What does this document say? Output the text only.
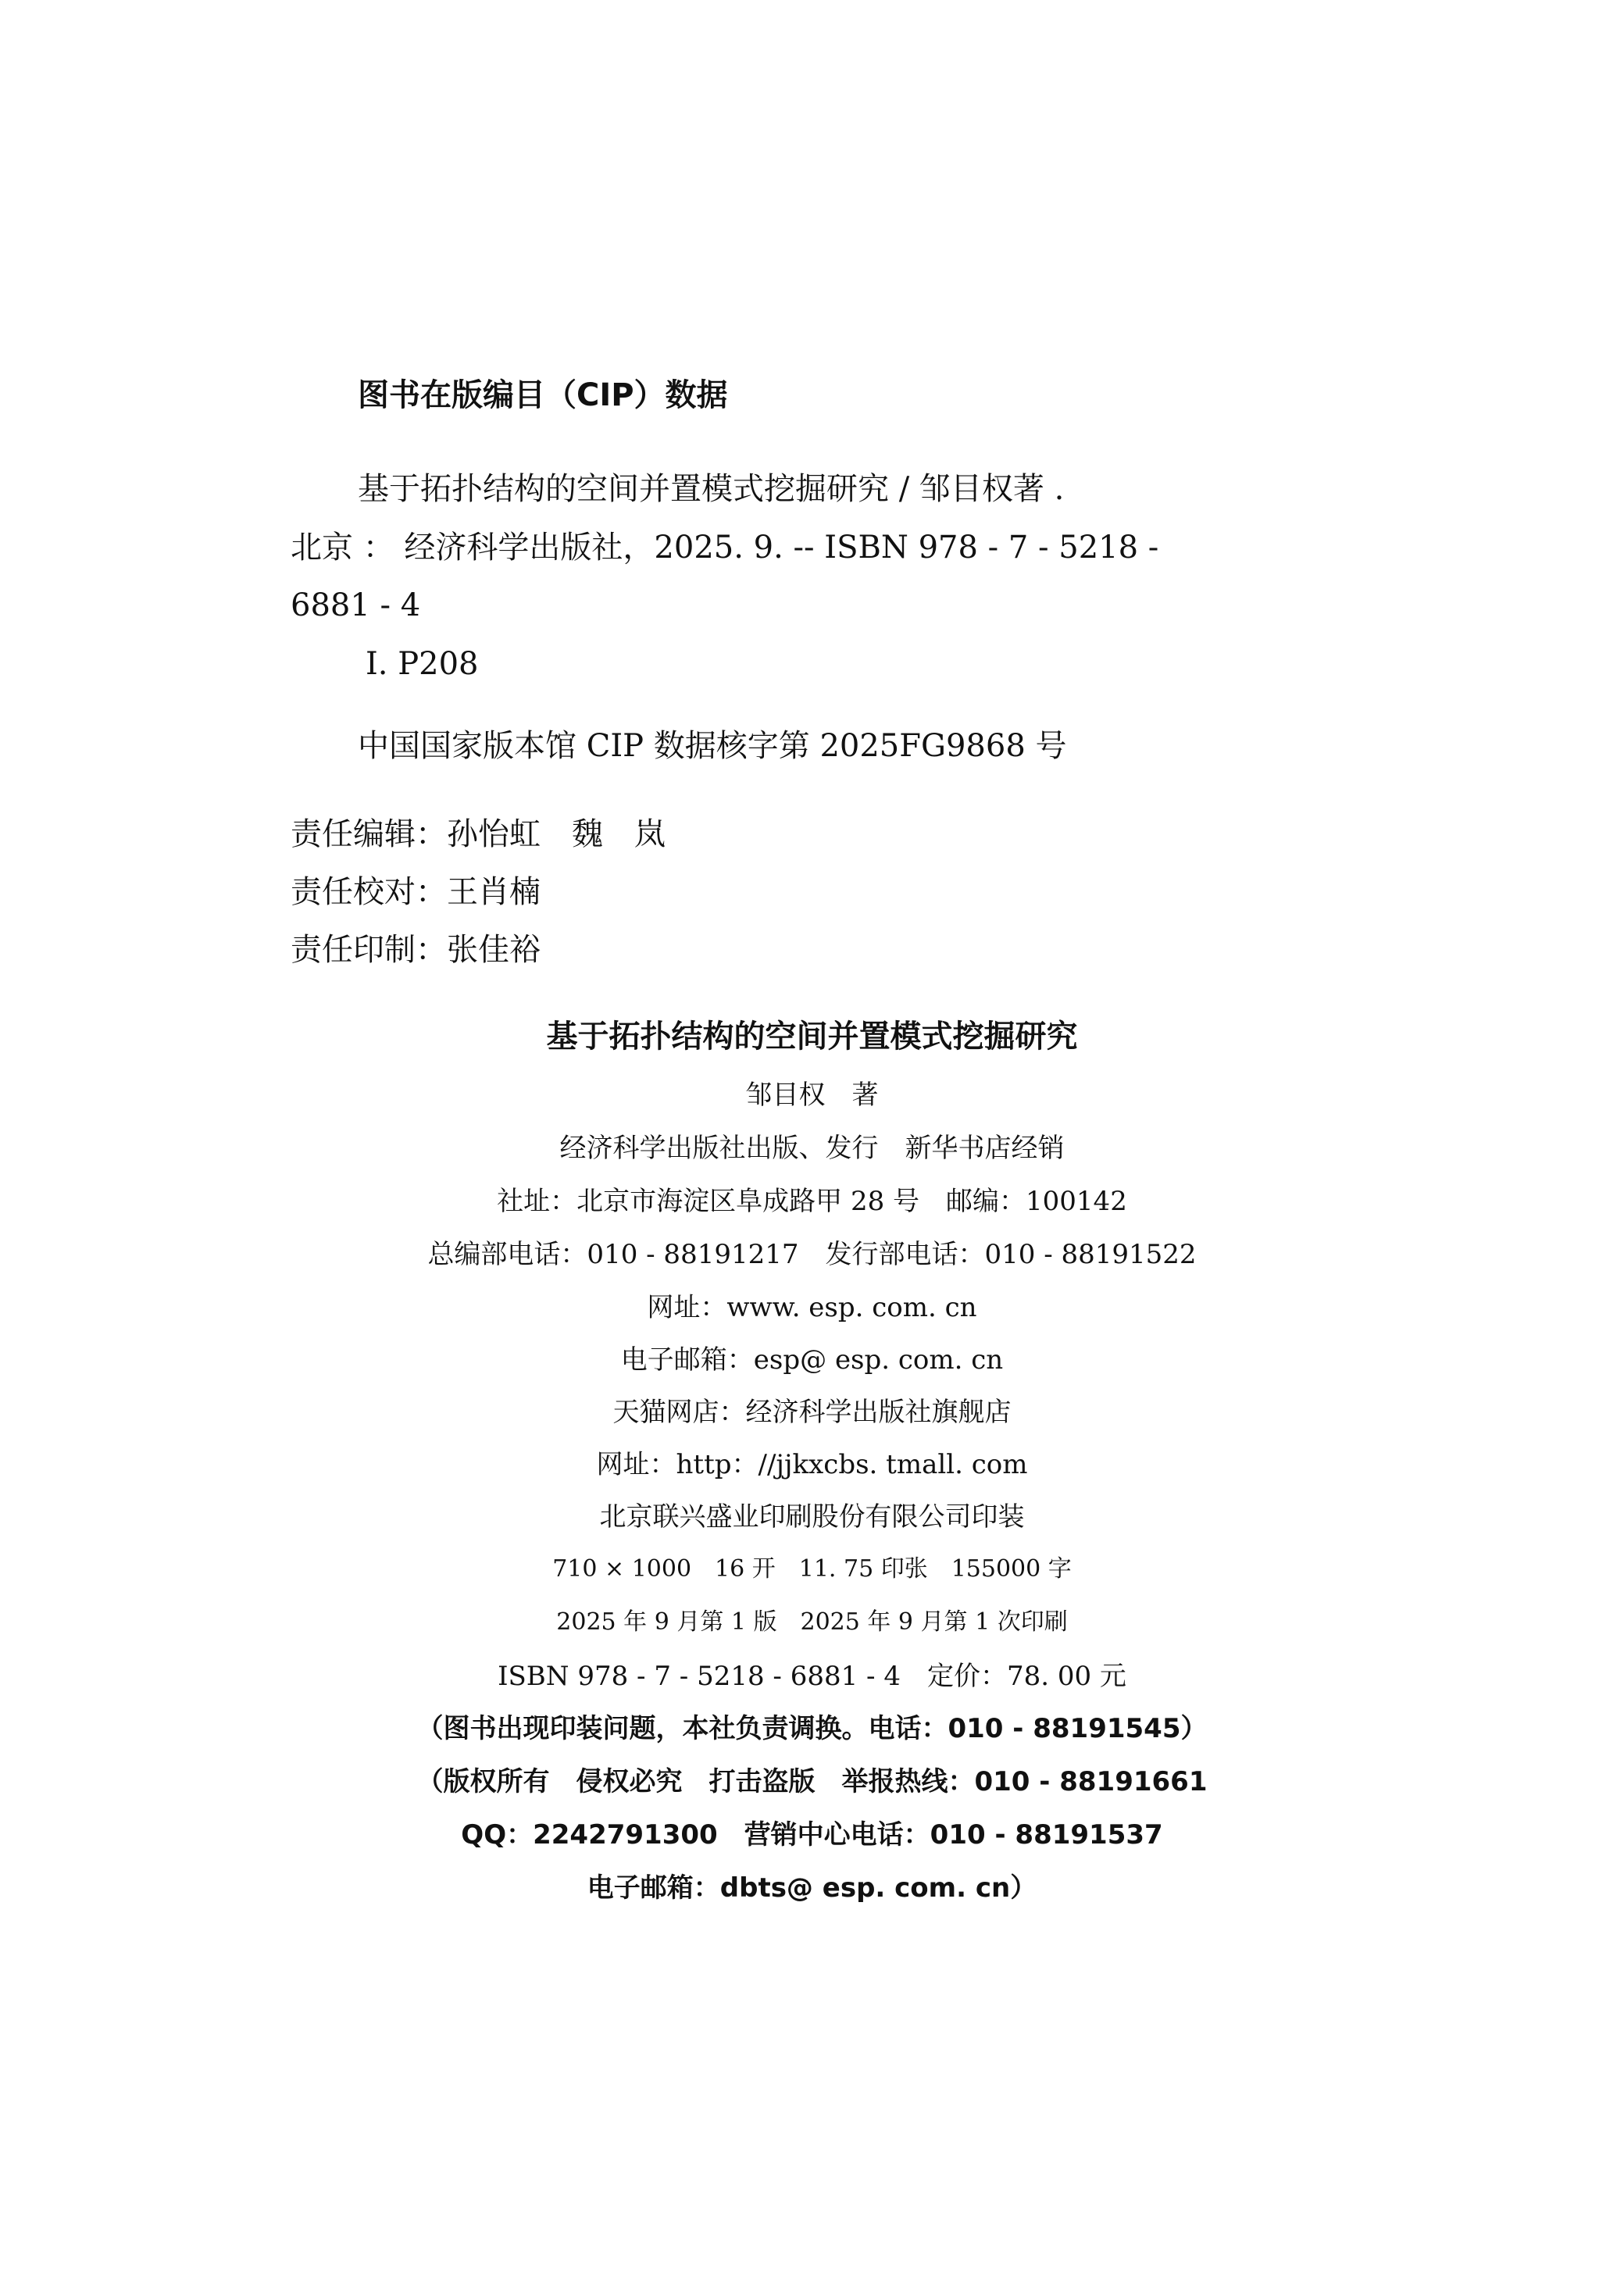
图书在版编目（CIP）数据

基于拓扑结构的空间并置模式挖掘研究 / 邹目权著 .

北京 ： 经济科学出版社，2025. 9. -- ISBN 978 - 7 - 5218 -

6881 - 4

Ⅰ. P208

中国国家版本馆 CIP 数据核字第 2025FG9868 号

责任编辑：孙怡虹　魏　岚

责任校对：王肖楠

责任印制：张佳裕

基于拓扑结构的空间并置模式挖掘研究

邹目权　著

经济科学出版社出版、发行　新华书店经销

社址：北京市海淀区阜成路甲 28 号　邮编：100142

总编部电话：010 - 88191217　发行部电话：010 - 88191522

网址：www. esp. com. cn

电子邮箱：esp@ esp. com. cn

天猫网店：经济科学出版社旗舰店

网址：http：//jjkxcbs. tmall. com

北京联兴盛业印刷股份有限公司印装

710 × 1000　16 开　11. 75 印张　155000 字

2025 年 9 月第 1 版　2025 年 9 月第 1 次印刷

ISBN 978 - 7 - 5218 - 6881 - 4　定价：78. 00 元

（图书出现印装问题，本社负责调换。电话：010 - 88191545）

（版权所有　侵权必究　打击盗版　举报热线：010 - 88191661

QQ：2242791300　营销中心电话：010 - 88191537

电子邮箱：dbts@ esp. com. cn）
